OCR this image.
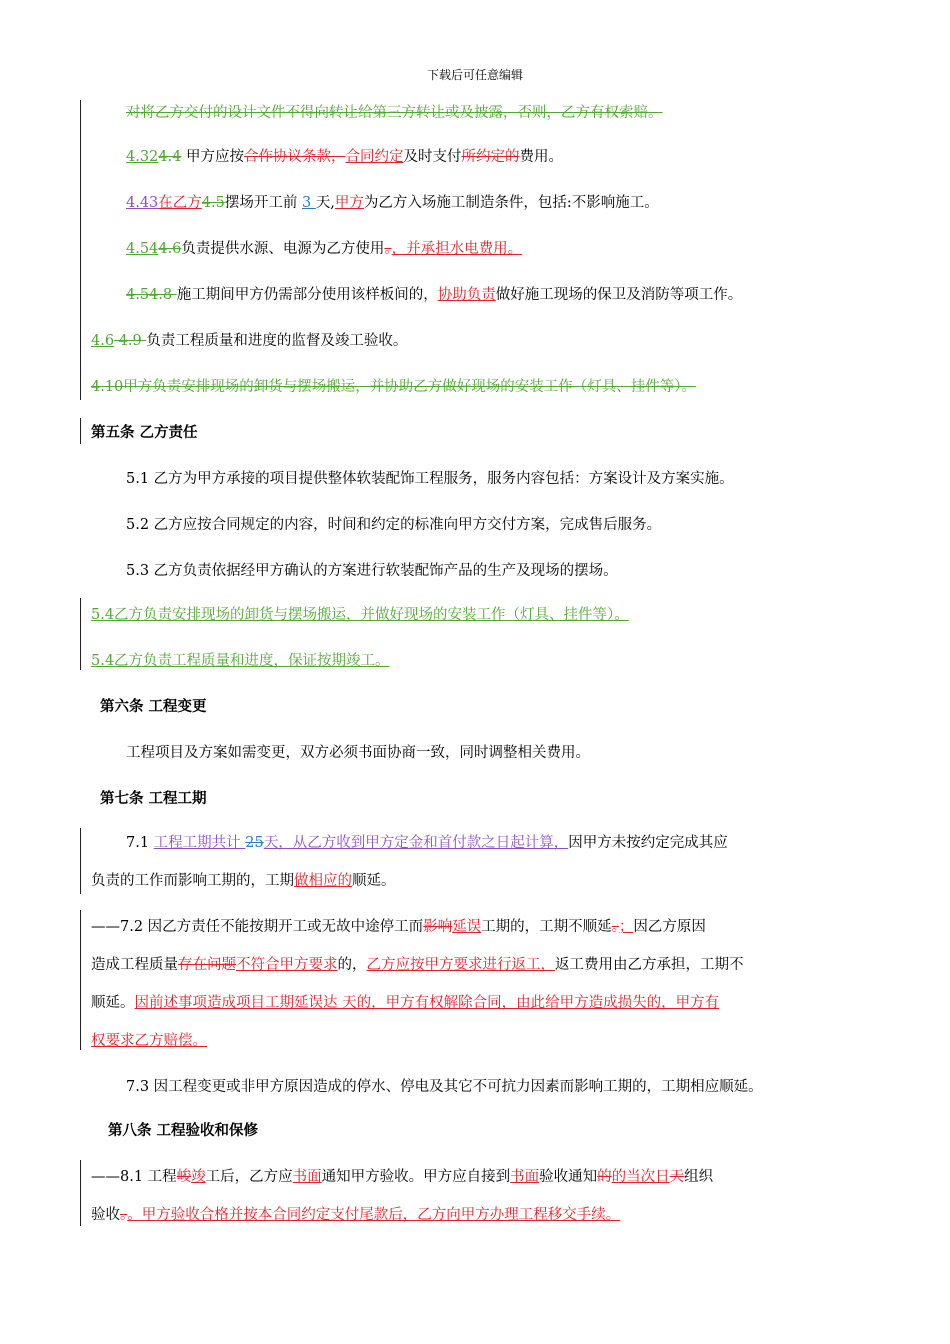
下载后可任意编辑
对将乙方交付的设计文件不得向转让给第三方转让或及披露，否则，乙方有权索赔。
4.324.4 甲方应按合作协议条款，合同约定及时支付所约定的费用。
4.43在乙方4.5摆场开工前 3 天,甲方为乙方入场施工制造条件，包括:不影响施工。
4.544.6负责提供水源、电源为乙方使用。，并承担水电费用。
4.54.8 施工期间甲方仍需部分使用该样板间的，协助负责做好施工现场的保卫及消防等项工作。
4.6 4.9 负责工程质量和进度的监督及竣工验收。
4.10甲方负责安排现场的卸货与摆场搬运，并协助乙方做好现场的安装工作（灯具、挂件等）。
第五条 乙方责任
5.1 乙方为甲方承接的项目提供整体软装配饰工程服务，服务内容包括：方案设计及方案实施。
5.2 乙方应按合同规定的内容，时间和约定的标准向甲方交付方案，完成售后服务。
5.3 乙方负责依据经甲方确认的方案进行软装配饰产品的生产及现场的摆场。
5.4乙方负责安排现场的卸货与摆场搬运，并做好现场的安装工作（灯具、挂件等）。
5.4乙方负责工程质量和进度，保证按期竣工。
第六条 工程变更
工程项目及方案如需变更，双方必须书面协商一致，同时调整相关费用。
第七条 工程工期
7.1 工程工期共计 25天，从乙方收到甲方定金和首付款之日起计算，因甲方未按约定完成其应
负责的工作而影响工期的，工期做相应的顺延。
——7.2 因乙方责任不能按期开工或无故中途停工而影响延误工期的，工期不顺延。；因乙方原因
造成工程质量存在问题不符合甲方要求的，乙方应按甲方要求进行返工，返工费用由乙方承担，工期不
顺延。因前述事项造成项目工期延误达 天的，甲方有权解除合同，由此给甲方造成损失的，甲方有
权要求乙方赔偿。
7.3 因工程变更或非甲方原因造成的停水、停电及其它不可抗力因素而影响工期的，工期相应顺延。
第八条 工程验收和保修
——8.1 工程峻竣工后，乙方应书面通知甲方验收。甲方应自接到书面验收通知的的当次日天组织
验收。。甲方验收合格并按本合同约定支付尾款后，乙方向甲方办理工程移交手续。
